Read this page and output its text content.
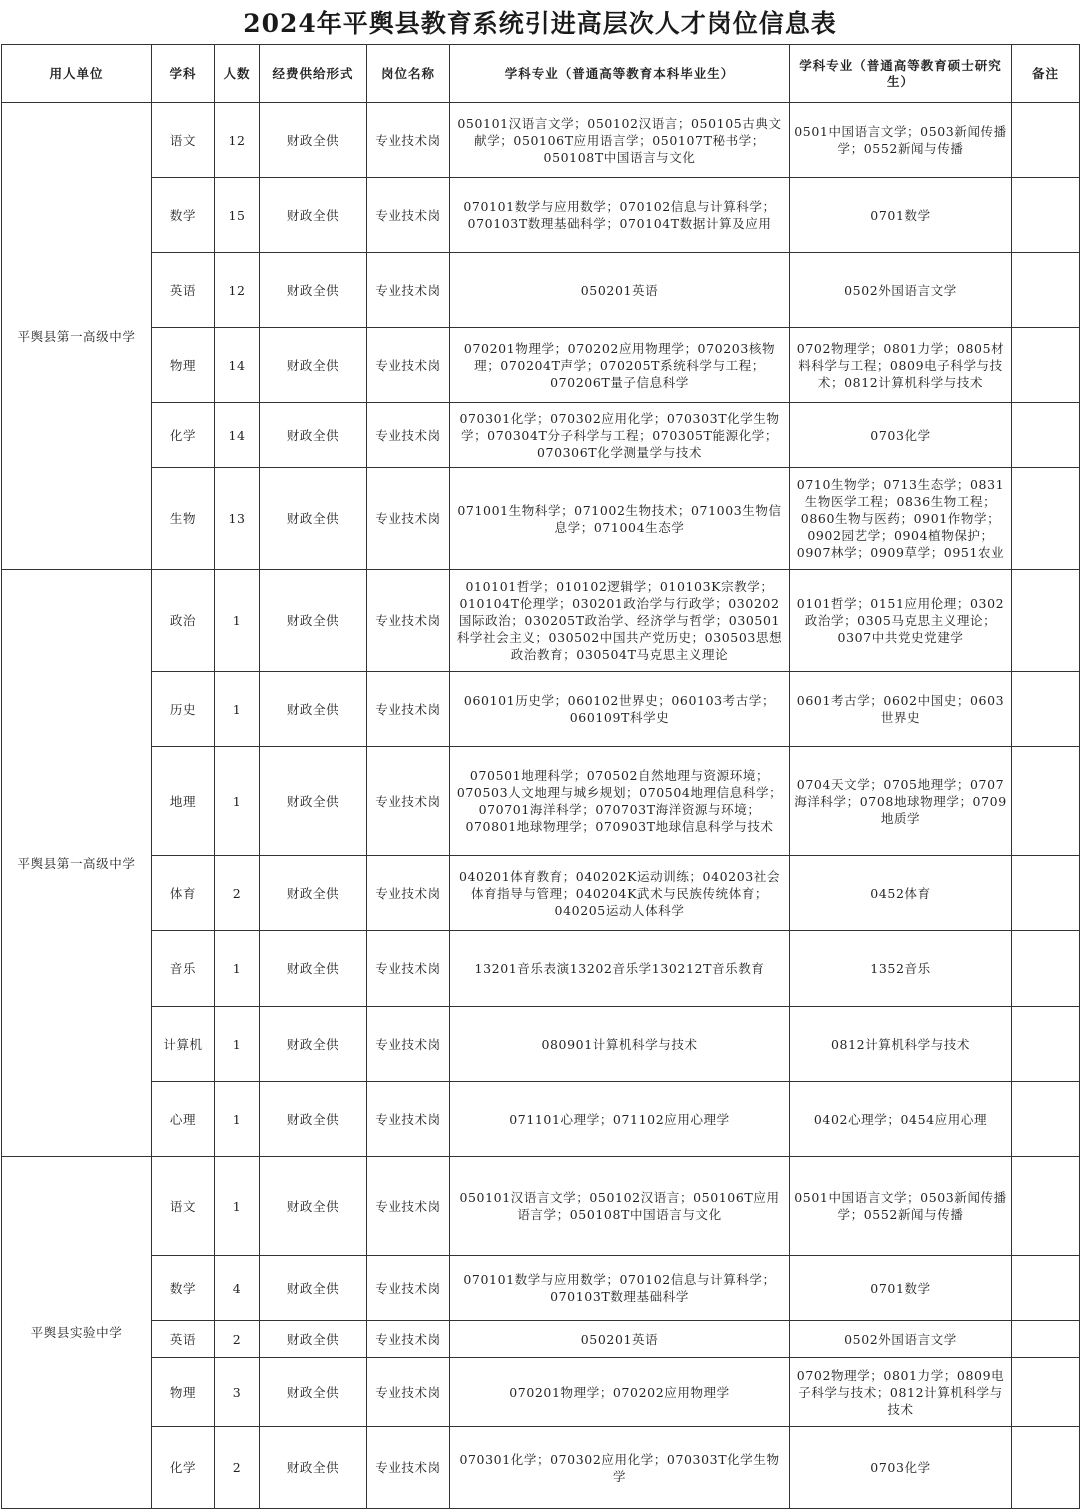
2024年平舆县教育系统引进高层次人才岗位信息表
用人单位	学科	人数	经费供给形式	岗位名称	学科专业（普通高等教育本科毕业生）	学科专业（普通高等教育硕士研究生）	备注
平舆县第一高级中学	语文	12	财政全供	专业技术岗	050101汉语言文学；050102汉语言；050105古典文献学；050106T应用语言学；050107T秘书学；050108T中国语言与文化	0501中国语言文学；0503新闻传播学；0552新闻与传播	
	数学	15	财政全供	专业技术岗	070101数学与应用数学；070102信息与计算科学；070103T数理基础科学；070104T数据计算及应用	0701数学	
	英语	12	财政全供	专业技术岗	050201英语	0502外国语言文学	
	物理	14	财政全供	专业技术岗	070201物理学；070202应用物理学；070203核物理；070204T声学；070205T系统科学与工程；070206T量子信息科学	0702物理学；0801力学；0805材料科学与工程；0809电子科学与技术；0812计算机科学与技术	
	化学	14	财政全供	专业技术岗	070301化学；070302应用化学；070303T化学生物学；070304T分子科学与工程；070305T能源化学；070306T化学测量学与技术	0703化学	
	生物	13	财政全供	专业技术岗	071001生物科学；071002生物技术；071003生物信息学；071004生态学	0710生物学；0713生态学；0831生物医学工程；0836生物工程；0860生物与医药；0901作物学；0902园艺学；0904植物保护；0907林学；0909草学；0951农业	
平舆县第一高级中学	政治	1	财政全供	专业技术岗	010101哲学；010102逻辑学；010103K宗教学；010104T伦理学；030201政治学与行政学；030202国际政治；030205T政治学、经济学与哲学；030501科学社会主义；030502中国共产党历史；030503思想政治教育；030504T马克思主义理论	0101哲学；0151应用伦理；0302政治学；0305马克思主义理论；0307中共党史党建学	
	历史	1	财政全供	专业技术岗	060101历史学；060102世界史；060103考古学；060109T科学史	0601考古学；0602中国史；0603世界史	
	地理	1	财政全供	专业技术岗	070501地理科学；070502自然地理与资源环境；070503人文地理与城乡规划；070504地理信息科学；070701海洋科学；070703T海洋资源与环境；070801地球物理学；070903T地球信息科学与技术	0704天文学；0705地理学；0707海洋科学；0708地球物理学；0709地质学	
	体育	2	财政全供	专业技术岗	040201体育教育；040202K运动训练；040203社会体育指导与管理；040204K武术与民族传统体育；040205运动人体科学	0452体育	
	音乐	1	财政全供	专业技术岗	13201音乐表演13202音乐学130212T音乐教育	1352音乐	
	计算机	1	财政全供	专业技术岗	080901计算机科学与技术	0812计算机科学与技术	
	心理	1	财政全供	专业技术岗	071101心理学；071102应用心理学	0402心理学；0454应用心理	
平舆县实验中学	语文	1	财政全供	专业技术岗	050101汉语言文学；050102汉语言；050106T应用语言学；050108T中国语言与文化	0501中国语言文学；0503新闻传播学；0552新闻与传播	
	数学	4	财政全供	专业技术岗	070101数学与应用数学；070102信息与计算科学；070103T数理基础科学	0701数学	
	英语	2	财政全供	专业技术岗	050201英语	0502外国语言文学	
	物理	3	财政全供	专业技术岗	070201物理学；070202应用物理学	0702物理学；0801力学；0809电子科学与技术；0812计算机科学与技术	
	化学	2	财政全供	专业技术岗	070301化学；070302应用化学；070303T化学生物学	0703化学	
